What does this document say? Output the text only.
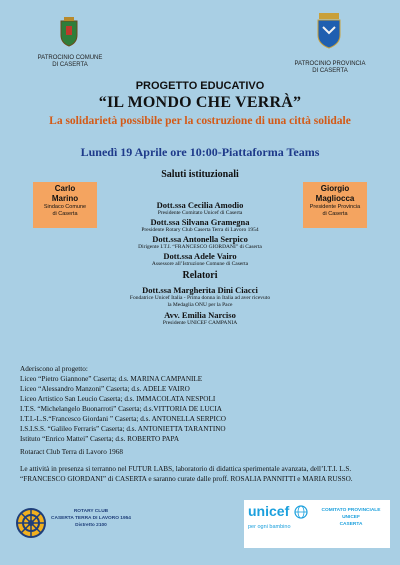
PATROCINIO COMUNE
DI CASERTA	PATROCINIO PROVINCIA
DI CASERTA
PROGETTO EDUCATIVO
“IL MONDO CHE VERRÀ”
La solidarietà possibile per la costruzione di una città solidale
Lunedì 19 Aprile ore 10:00-Piattaforma Teams
Saluti istituzionali
Carlo
Marino
Sindaco Comune
di Caserta
Giorgio
Magliocca
Presidente Provincia
di Caserta
Dott.ssa Cecilia Amodio
Presidente Comitato Unicef di Caserta
Dott.ssa Silvana Gramegna
Presidente Rotary Club Caserta Terra di Lavoro 1954
Dott.ssa Antonella Serpico
Dirigente I.T.I. “FRANCESCO GIORDANI” di Caserta
Dott.ssa Adele Vairo
Assessore all’Istruzione Comune di Caserta
Relatori
Dott.ssa Margherita Dini Ciacci
Fondatrice Unicef Italia - Prima donna in Italia ad aver ricevuto
la Medaglia ONU per la Pace
Avv. Emilia Narciso
Presidente UNICEF CAMPANIA
Aderiscono al progetto:
Liceo “Pietro Giannone” Caserta; d.s. MARINA CAMPANILE
Liceo “Alessandro Manzoni” Caserta; d.s. ADELE VAIRO
Liceo Artistico San Leucio Caserta; d.s. IMMACOLATA NESPOLI
I.T.S. “Michelangelo Buonarroti” Caserta; d.s.VITTORIA DE LUCIA
I.T.I.-L.S.“Francesco Giordani ” Caserta; d.s. ANTONELLA SERPICO
I.S.I.S.S. “Galileo Ferraris” Caserta; d.s. ANTONIETTA TARANTINO
Istituto “Enrico Mattei” Caserta; d.s. ROBERTO PAPA
Rotaract Club Terra di Lavoro 1968
Le attività in presenza si terranno nel FUTUR LABS, laboratorio di didattica sperimentale avanzata, dell’I.T.I. L.S. “FRANCESCO GIORDANI” di CASERTA e saranno curate dalle proff. ROSALIA PANNITTI e MARIA RUSSO.
ROTARY CLUB
CASERTA TERRA DI LAVORO 1954
Distretto 2100
unicef
per ogni bambino
COMITATO PROVINCIALE UNICEF
CASERTA
